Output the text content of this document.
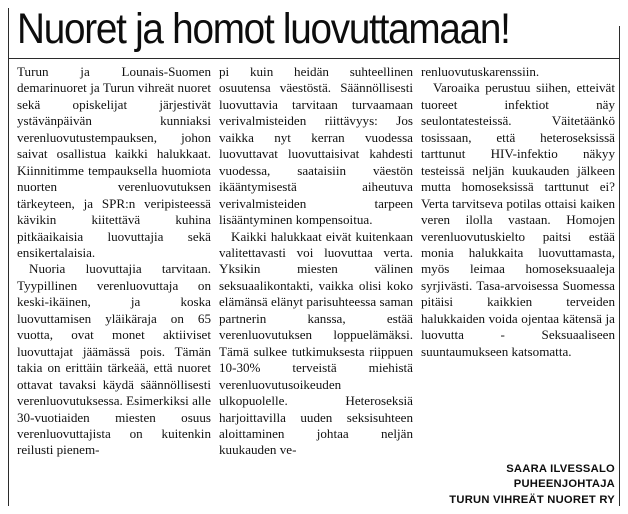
Nuoret ja homot luovuttamaan!

Turun ja Lounais-Suomen demarinuoret ja Turun vihreät nuoret sekä opiskelijat järjestivät ystävänpäivän kunniaksi verenluovutustempauksen, johon saivat osallistua kaikki halukkaat. Kiinnitimme tempauksella huomiota nuorten verenluovutuksen tärkeyteen, ja SPR:n veripisteessä kävikin kiitettävä kuhina pitkäaikaisia luovuttajia sekä ensikertalaisia.

Nuoria luovuttajia tarvitaan. Tyypillinen verenluovuttaja on keski-ikäinen, ja koska luovuttamisen yläikäraja on 65 vuotta, ovat monet aktiiviset luovuttajat jäämässä pois. Tämän takia on erittäin tärkeää, että nuoret ottavat tavaksi käydä säännöllisesti verenluovutuksessa. Esimerkiksi alle 30-vuotiaiden miesten osuus verenluovuttajista on kuitenkin reilusti pienem-

pi kuin heidän suhteellinen osuutensa väestöstä. Säännöllisesti luovuttavia tarvitaan turvaamaan verivalmisteiden riittävyys: Jos vaikka nyt kerran vuodessa luovuttavat luovuttaisivat kahdesti vuodessa, saataisiin väestön ikääntymisestä aiheutuva verivalmisteiden tarpeen lisääntyminen kompensoitua.

Kaikki halukkaat eivät kuitenkaan valitettavasti voi luovuttaa verta. Yksikin miesten välinen seksuaalikontakti, vaikka olisi koko elämänsä elänyt parisuhteessa saman partnerin kanssa, estää verenluovutuksen loppuelämäksi. Tämä sulkee tutkimuksesta riippuen 10-30% terveistä miehistä verenluovutusoikeuden ulkopuolelle. Heteroseksiä harjoittavilla uuden seksisuhteen aloittaminen johtaa neljän kuukauden ve-

renluovutuskarenssiin.

Varoaika perustuu siihen, etteivät tuoreet infektiot näy seulontatesteissä. Väitetäänkö tosissaan, että heteroseksissä tarttunut HIV-infektio näkyy testeissä neljän kuukauden jälkeen mutta homoseksissä tarttunut ei? Verta tarvitseva potilas ottaisi kaiken veren ilolla vastaan. Homojen verenluovutuskielto paitsi estää monia halukkaita luovuttamasta, myös leimaa homoseksuaaleja syrjivästi. Tasa-arvoisessa Suomessa pitäisi kaikkien terveiden halukkaiden voida ojentaa kätensä ja luovutta - Seksuaaliseen suuntaumukseen katsomatta.

SAARA ILVESSALO
PUHEENJOHTAJA
TURUN VIHREÄT NUORET RY
